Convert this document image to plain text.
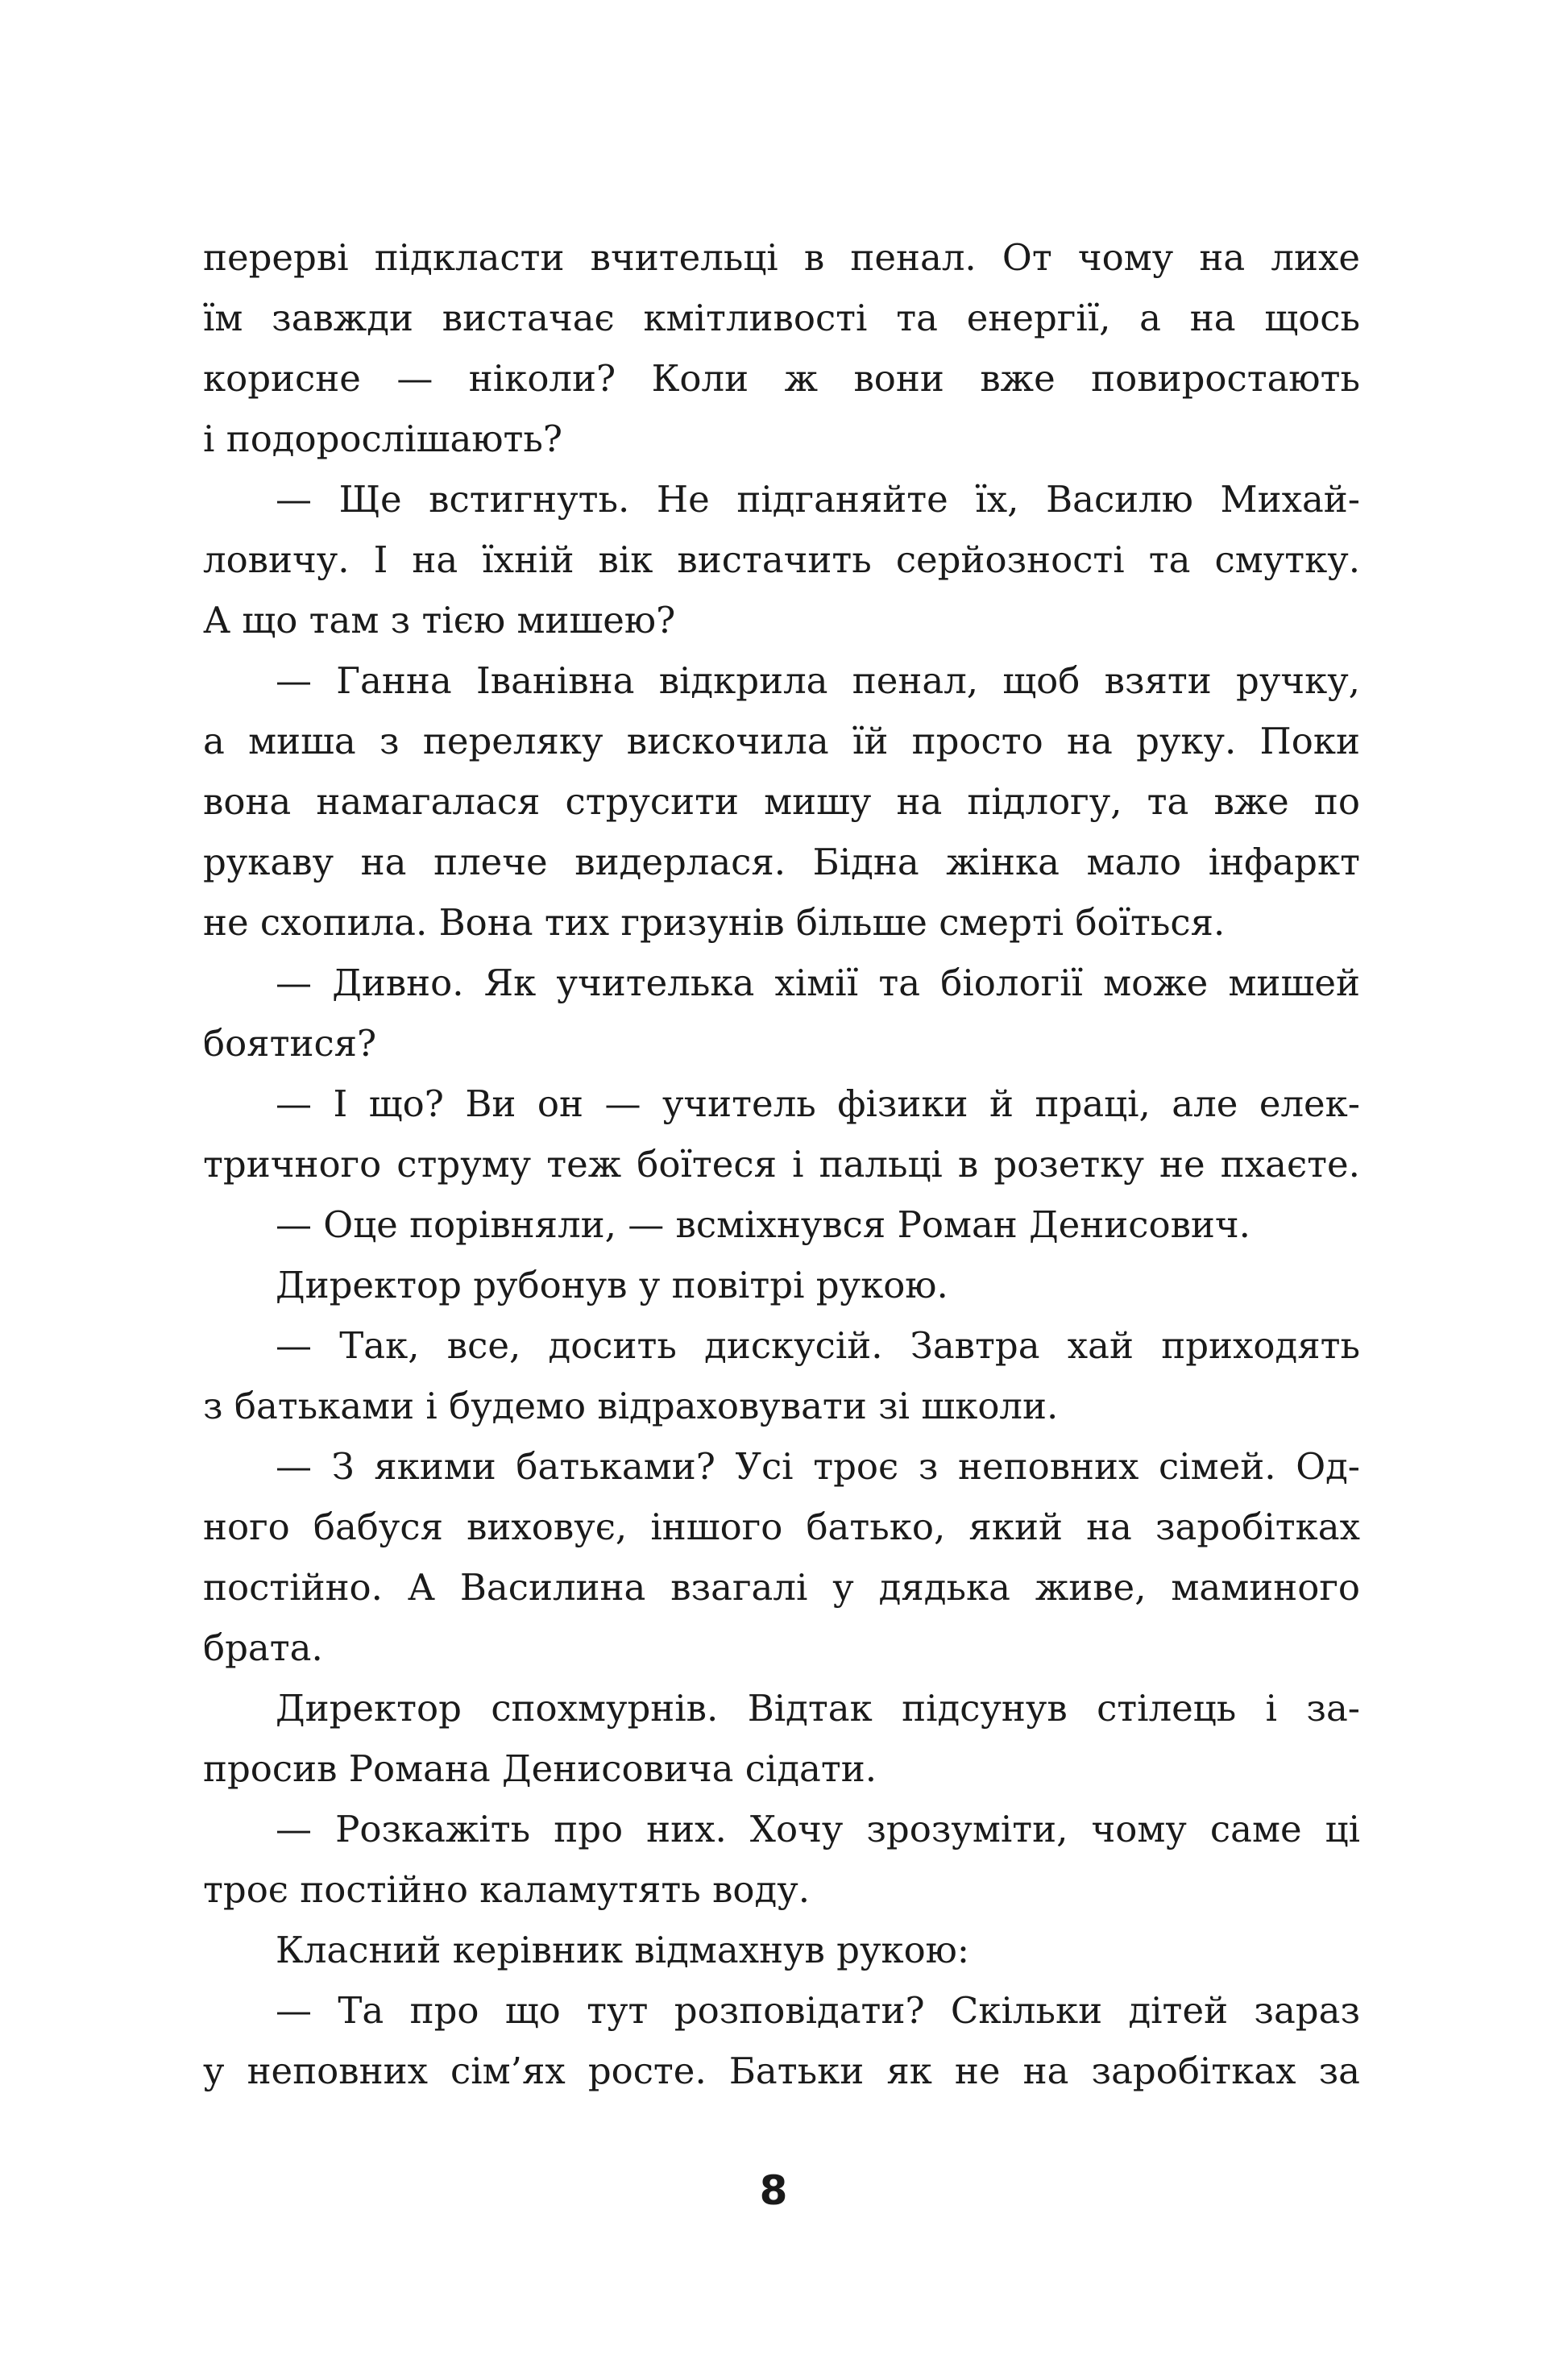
перерві підкласти вчительці в пенал. От чому на лихе
їм завжди вистачає кмітливості та енергії, а на щось
корисне — ніколи? Коли ж вони вже повиростають
і подорослішають?
— Ще встигнуть. Не підганяйте їх, Василю Михай-
ловичу. І на їхній вік вистачить серйозності та смутку.
А що там з тією мишею?
— Ганна Іванівна відкрила пенал, щоб взяти ручку,
а миша з переляку вискочила їй просто на руку. Поки
вона намагалася струсити мишу на підлогу, та вже по
рукаву на плече видерлася. Бідна жінка мало інфаркт
не схопила. Вона тих гризунів більше смерті боїться.
— Дивно. Як учителька хімії та біології може мишей
боятися?
— І що? Ви он — учитель фізики й праці, але елек-
тричного струму теж боїтеся і пальці в розетку не пхаєте.
— Оце порівняли, — всміхнувся Роман Денисович.
Директор рубонув у повітрі рукою.
— Так, все, досить дискусій. Завтра хай приходять
з батьками і будемо відраховувати зі школи.
— З якими батьками? Усі троє з неповних сімей. Од-
ного бабуся виховує, іншого батько, який на заробітках
постійно. А Василина взагалі у дядька живе, маминого
брата.
Директор спохмурнів. Відтак підсунув стілець і за-
просив Романа Денисовича сідати.
— Розкажіть про них. Хочу зрозуміти, чому саме ці
троє постійно каламутять воду.
Класний керівник відмахнув рукою:
— Та про що тут розповідати? Скільки дітей зараз
у неповних сім’ях росте. Батьки як не на заробітках за
8
